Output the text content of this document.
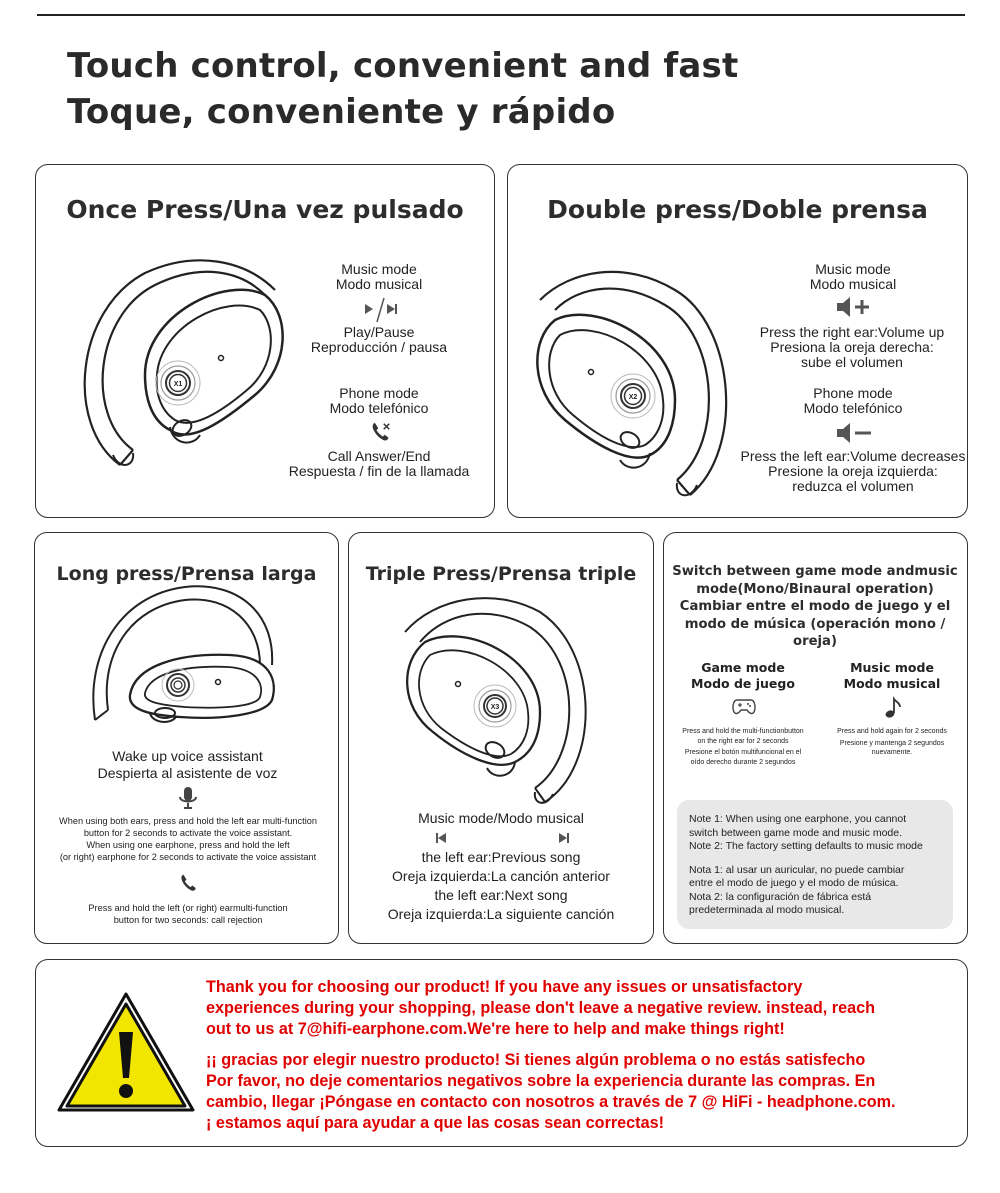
Touch control, convenient and fast
Toque, conveniente y rápido
Once Press/Una vez pulsado
X1
Music mode
Modo musical
Play/Pause
Reproducción / pausa
Phone mode
Modo telefónico
Call Answer/End
Respuesta / fin de la llamada
Double press/Doble prensa
X2
Music mode
Modo musical
Press the right ear:Volume up
Presiona la oreja derecha:
sube el volumen
Phone mode
Modo telefónico
Press the left ear:Volume decreases
Presione la oreja izquierda:
reduzca el volumen
Long press/Prensa larga
Wake up voice assistant
Despierta al asistente de voz
When using both ears, press and hold the left ear multi-function
button for 2 seconds to activate the voice assistant.
When using one earphone, press and hold the left
(or right) earphone for 2 seconds to activate the voice assistant
Press and hold the left (or right) earmulti-function
button for two seconds: call rejection
Triple Press/Prensa triple
X3
Music mode/Modo musical
the left ear:Previous song
Oreja izquierda:La canción anterior
the left ear:Next song
Oreja izquierda:La siguiente canción
Switch between game mode andmusic
mode(Mono/Binaural operation)
Cambiar entre el modo de juego y el
modo de música (operación mono / oreja)
Game mode
Modo de juego
Press and hold the multi-functionbutton
on the right ear for 2 seconds
Presione el botón multifuncional en el
oído derecho durante 2 segundos
Music mode
Modo musical
Press and hold again for 2 seconds
Presione y mantenga 2 segundos
nuevamente.
Note 1: When using one earphone, you cannot
switch between game mode and music mode.
Note 2: The factory setting defaults to music mode
Nota 1: al usar un auricular, no puede cambiar
entre el modo de juego y el modo de música.
Nota 2: la configuración de fábrica está
predeterminada al modo musical.
Thank you for choosing our product! If you have any issues or unsatisfactory
experiences during your shopping, please don't leave a negative review. instead, reach
out to us at 7@hifi-earphone.com.We're here to help and make things right!
¡¡ gracias por elegir nuestro producto! Si tienes algún problema o no estás satisfecho
Por favor, no deje comentarios negativos sobre la experiencia durante las compras. En
cambio, llegar ¡Póngase en contacto con nosotros a través de 7 @ HiFi - headphone.com.
¡ estamos aquí para ayudar a que las cosas sean correctas!
